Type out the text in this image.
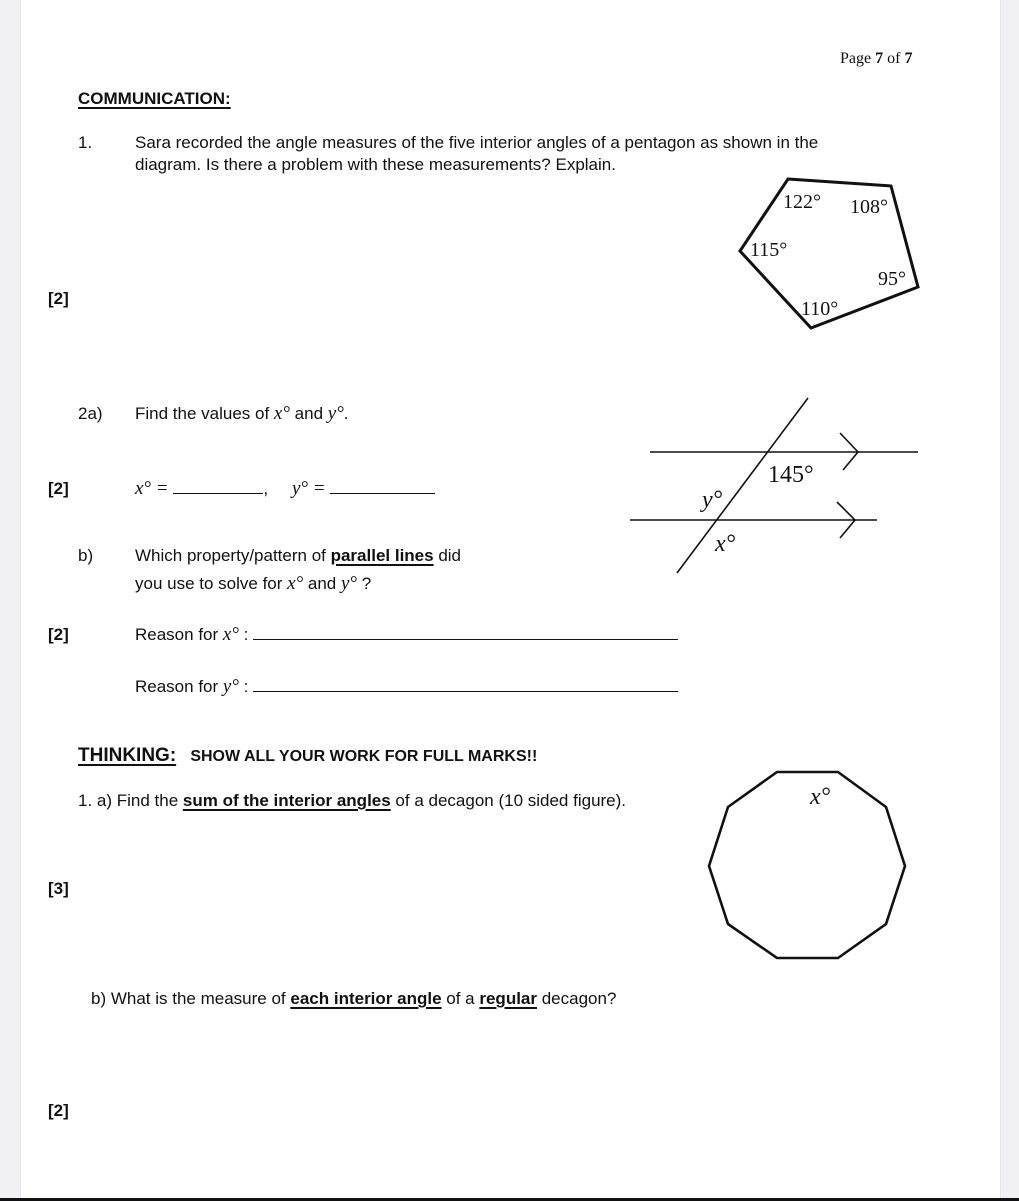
Page 7 of 7
COMMUNICATION:
1.	Sara recorded the angle measures of the five interior angles of a pentagon as shown in the
diagram. Is there a problem with these measurements? Explain.
[2]
122° 108°
115°
95°
110°
145°
y°
x°
x°
2a) Find the values of x° and y°.
[2]	x° =	, y° =
b) Which property/pattern of parallel lines did
you use to solve for x° and y° ?
[2]	Reason for x° :
Reason for y° :
THINKING: SHOW ALL YOUR WORK FOR FULL MARKS!!
1. a) Find the sum of the interior angles of a decagon (10 sided figure).
[3]
b) What is the measure of each interior angle of a regular decagon?
[2]
